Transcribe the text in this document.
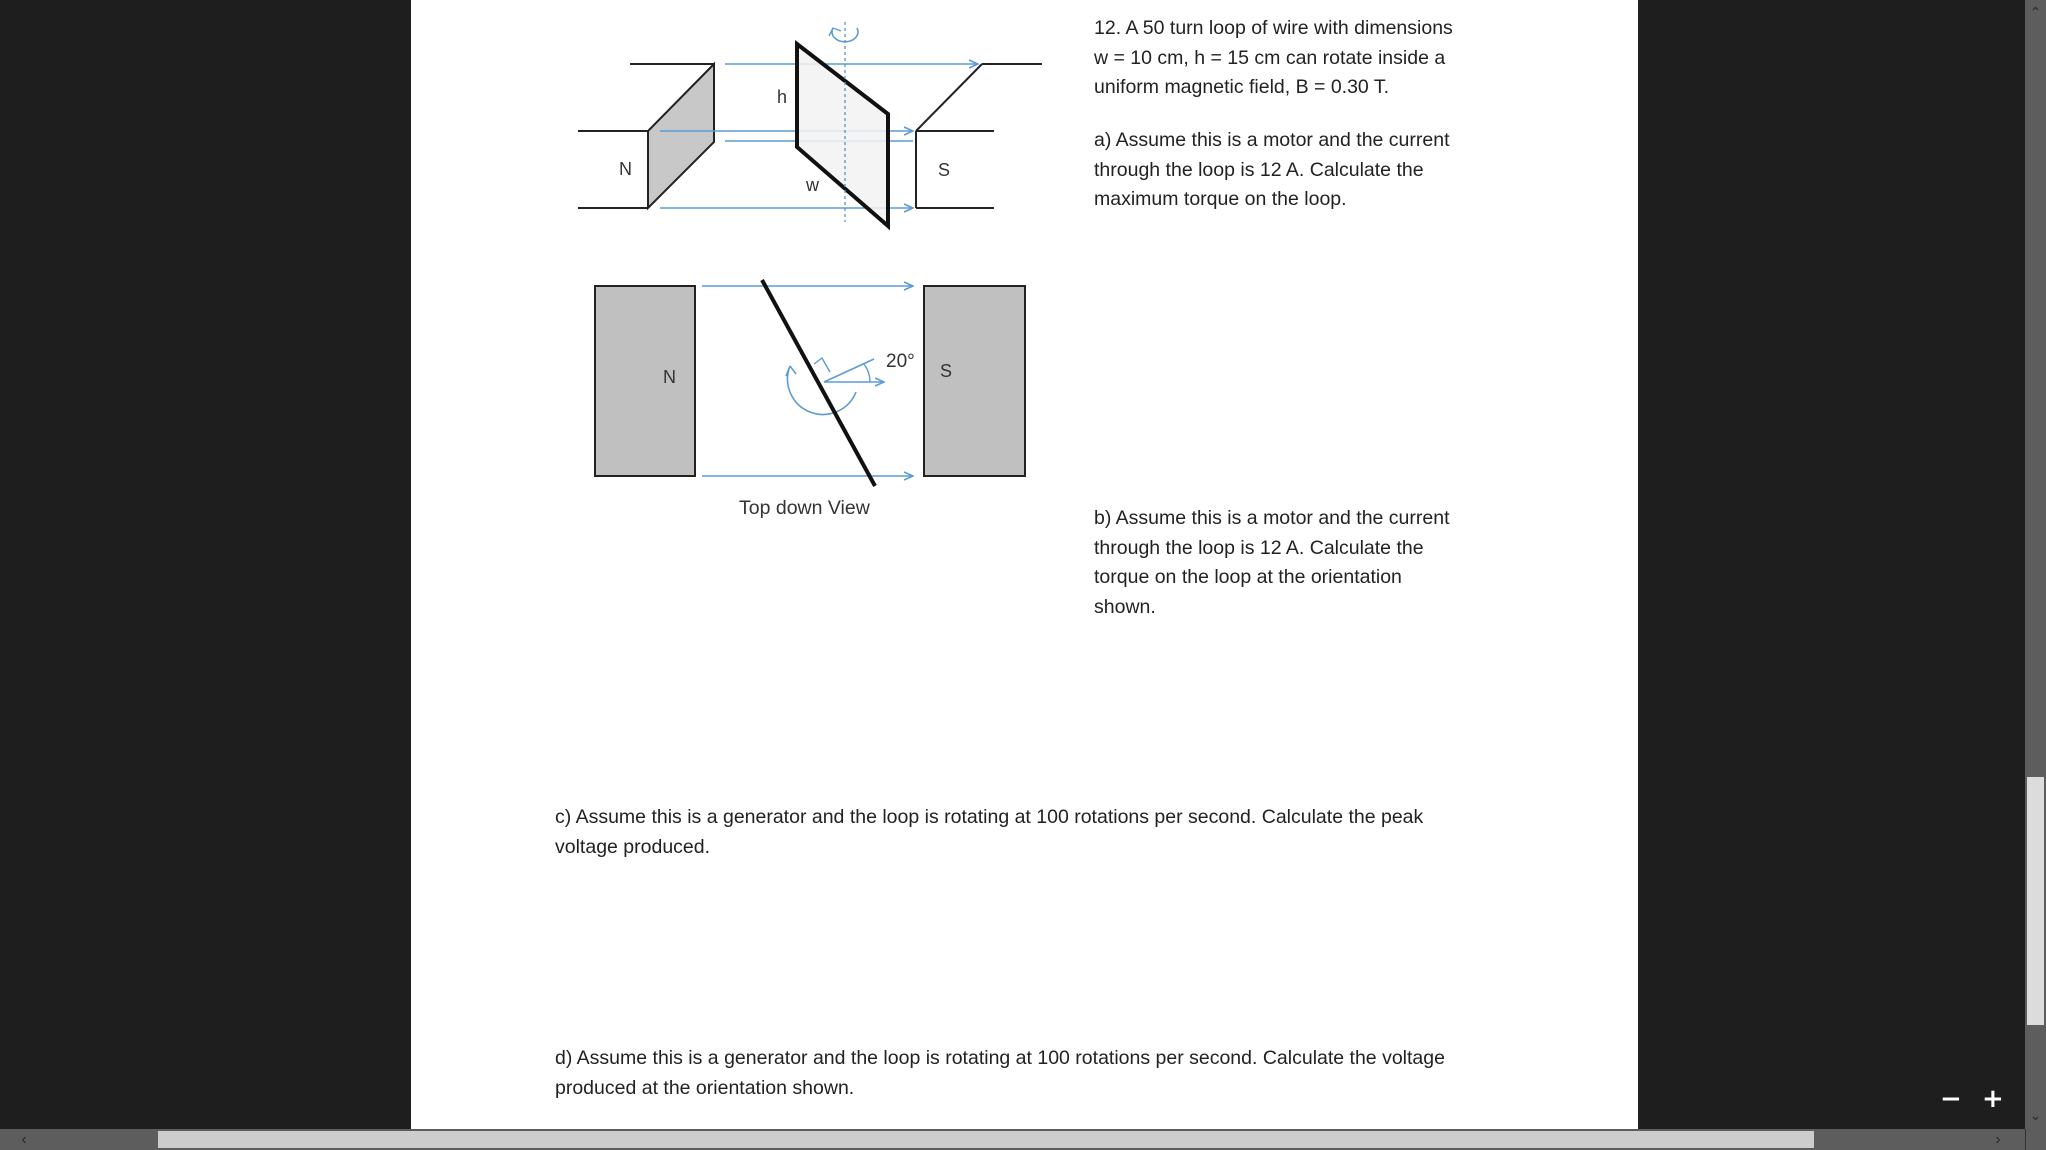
N	S
h
w
N	S
20°
Top down View

12. A 50 turn loop of wire with dimensions

w = 10 cm, h = 15 cm can rotate inside a

uniform magnetic field, B = 0.30 T.

a) Assume this is a motor and the current

through the loop is 12 A. Calculate the

maximum torque on the loop.

b) Assume this is a motor and the current

through the loop is 12 A. Calculate the

torque on the loop at the orientation

shown.

c) Assume this is a generator and the loop is rotating at 100 rotations per second. Calculate the peak

voltage produced.

d) Assume this is a generator and the loop is rotating at 100 rotations per second. Calculate the voltage

produced at the orientation shown.	− +
⌃
⌄
‹	›
